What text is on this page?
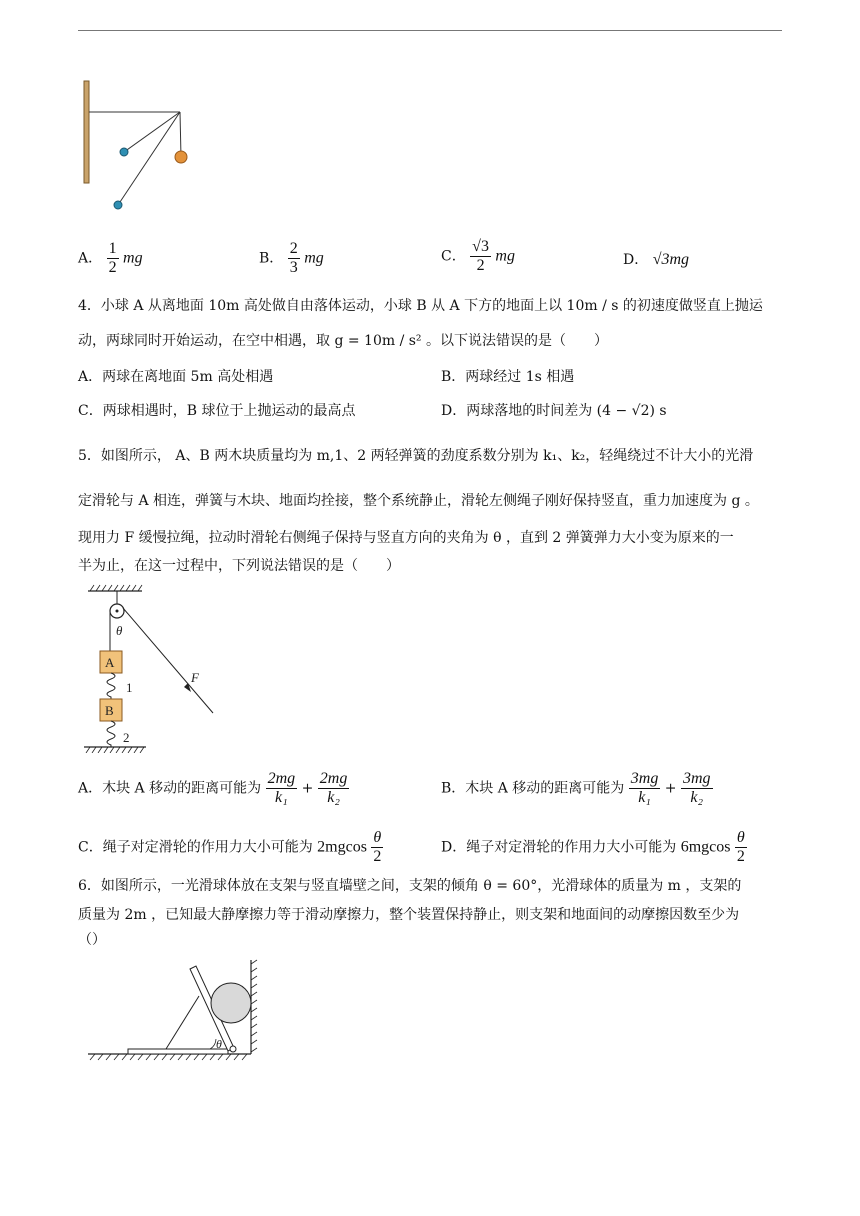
A． $\frac{1}{2}$ mg	B． $\frac{2}{3}$ mg	C． $\frac{√3}{2}$ mg	D． √3mg
4．小球 A 从离地面 10m 高处做自由落体运动，小球 B 从 A 下方的地面上以 10m / s 的初速度做竖直上抛运
动，两球同时开始运动，在空中相遇，取 g = 10m / s² 。以下说法错误的是（　　）
A．两球在离地面 5m 高处相遇	B．两球经过 1s 相遇
C．两球相遇时，B 球位于上抛运动的最高点	D．两球落地的时间差为 (4 − √2) s
5．如图所示， A、B 两木块质量均为 m,1、2 两轻弹簧的劲度系数分别为 k₁、k₂，轻绳绕过不计大小的光滑
定滑轮与 A 相连，弹簧与木块、地面均拴接，整个系统静止，滑轮左侧绳子刚好保持竖直，重力加速度为 g 。
现用力 F 缓慢拉绳，拉动时滑轮右侧绳子保持与竖直方向的夹角为 θ ，直到 2 弹簧弹力大小变为原来的一
半为止，在这一过程中，下列说法错误的是（　　）
F
θ
A
1
B
2
A．木块 A 移动的距离可能为 $\frac{2mg}{\text{k₁}} + \frac{2mg}{\text{k₂}}$	B．木块 A 移动的距离可能为 $\frac{3mg}{\text{k₁}} + \frac{3mg}{\text{k₂}}$
C．绳子对定滑轮的作用力大小可能为 $2mgcos \frac{\theta}{2}$	D．绳子对定滑轮的作用力大小可能为 $6mgcos \frac{\theta}{2}$
6．如图所示，一光滑球体放在支架与竖直墙壁之间，支架的倾角 θ = 60°，光滑球体的质量为 m ，支架的
质量为 2m ，已知最大静摩擦力等于滑动摩擦力，整个装置保持静止，则支架和地面间的动摩擦因数至少为
（）
θ
